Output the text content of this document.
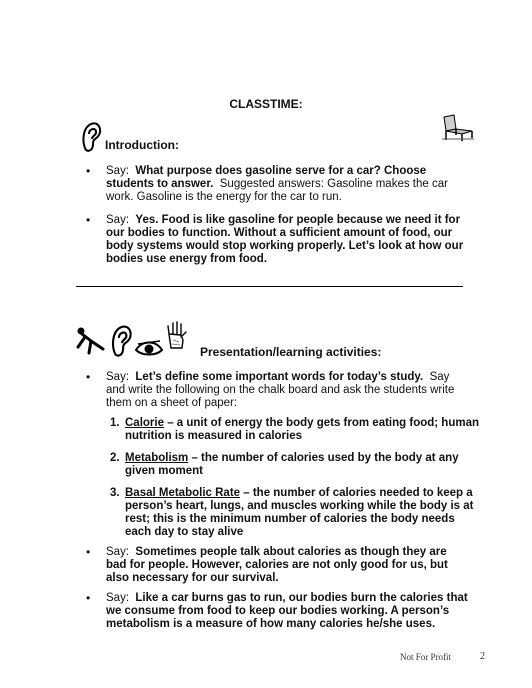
CLASSTIME:
Introduction:
• Say: What purpose does gasoline serve for a car? Choose students to answer. Suggested answers: Gasoline makes the car work. Gasoline is the energy for the car to run.
• Say: Yes. Food is like gasoline for people because we need it for our bodies to function. Without a sufficient amount of food, our body systems would stop working properly. Let’s look at how our bodies use energy from food.
Presentation/learning activities:
• Say: Let’s define some important words for today’s study. Say and write the following on the chalk board and ask the students write them on a sheet of paper:
1. Calorie – a unit of energy the body gets from eating food; human nutrition is measured in calories
2. Metabolism – the number of calories used by the body at any given moment
3. Basal Metabolic Rate – the number of calories needed to keep a person’s heart, lungs, and muscles working while the body is at rest; this is the minimum number of calories the body needs each day to stay alive
• Say: Sometimes people talk about calories as though they are bad for people. However, calories are not only good for us, but also necessary for our survival.
• Say: Like a car burns gas to run, our bodies burn the calories that we consume from food to keep our bodies working. A person’s metabolism is a measure of how many calories he/she uses.
Not For Profit	2
